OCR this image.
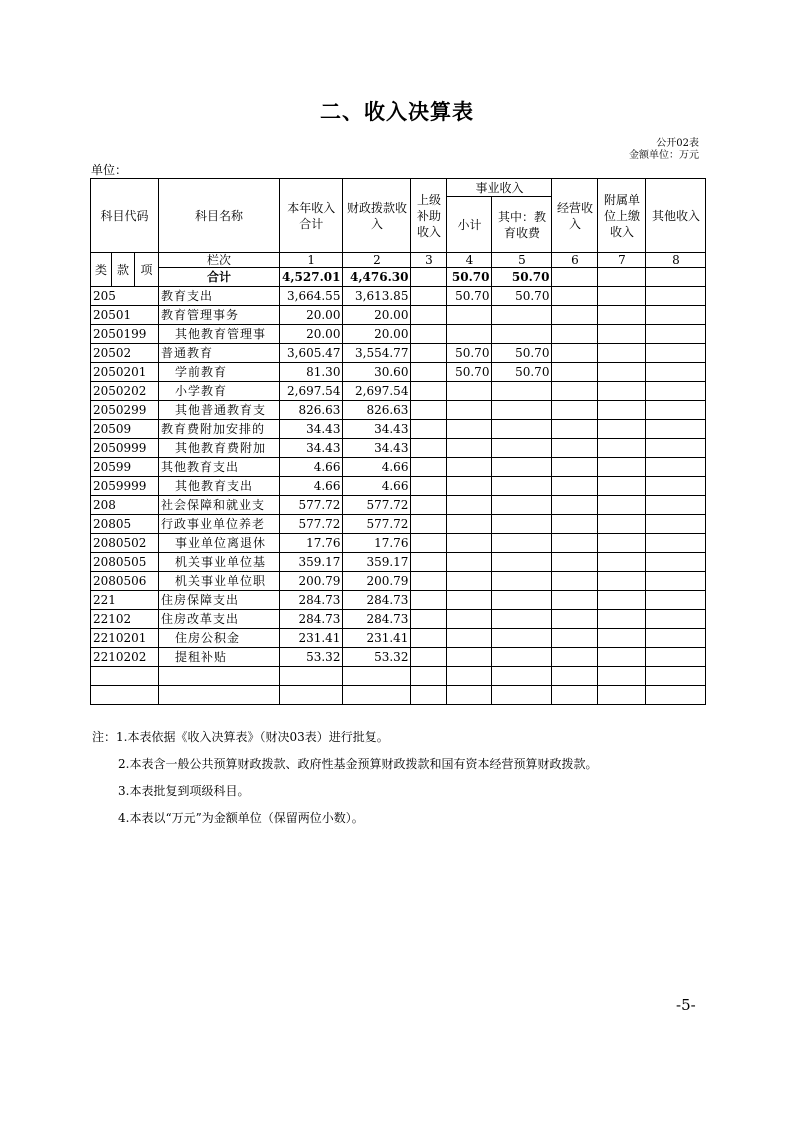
二、收入决算表
公开02表
金额单位：万元
单位：
科目代码			科目名称	本年收入合计	财政拨款收入	上级补助收入	事业收入		经营收入	附属单位上缴收入	其他收入
							小计	其中：教育收费			
类	款	项	栏次	1	2	3	4	5	6	7	8
			合计	4,527.01	4,476.30		50.70	50.70			
205			教育支出	3,664.55	3,613.85		50.70	50.70			
20501			教育管理事务	20.00	20.00						
2050199			其他教育管理事	20.00	20.00						
20502			普通教育	3,605.47	3,554.77		50.70	50.70			
2050201			学前教育	81.30	30.60		50.70	50.70			
2050202			小学教育	2,697.54	2,697.54						
2050299			其他普通教育支	826.63	826.63						
20509			教育费附加安排的	34.43	34.43						
2050999			其他教育费附加	34.43	34.43						
20599			其他教育支出	4.66	4.66						
2059999			其他教育支出	4.66	4.66						
208			社会保障和就业支	577.72	577.72						
20805			行政事业单位养老	577.72	577.72						
2080502			事业单位离退休	17.76	17.76						
2080505			机关事业单位基	359.17	359.17						
2080506			机关事业单位职	200.79	200.79						
221			住房保障支出	284.73	284.73						
22102			住房改革支出	284.73	284.73						
2210201			住房公积金	231.41	231.41						
2210202			提租补贴	53.32	53.32						

注：1.本表依据《收入决算表》（财决03表）进行批复。
2.本表含一般公共预算财政拨款、政府性基金预算财政拨款和国有资本经营预算财政拨款。
3.本表批复到项级科目。
4.本表以“万元”为金额单位（保留两位小数）。
-5-
